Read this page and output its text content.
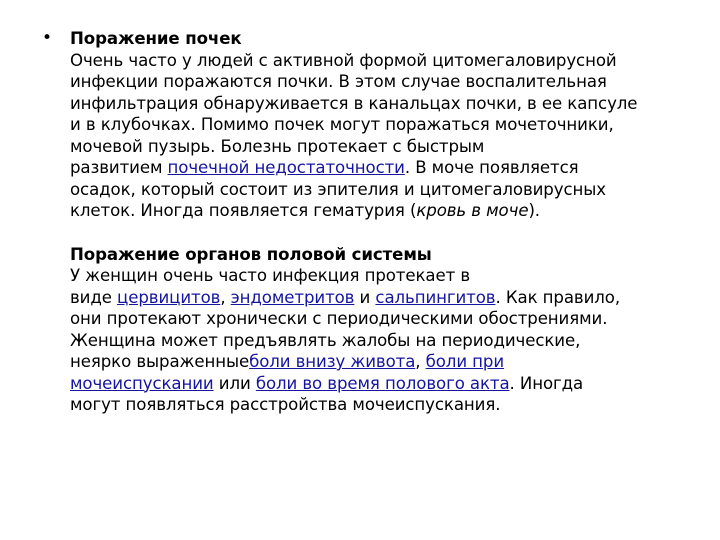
• Поражение почек
Очень часто у людей с активной формой цитомегаловирусной
инфекции поражаются почки. В этом случае воспалительная
инфильтрация обнаруживается в канальцах почки, в ее капсуле
и в клубочках. Помимо почек могут поражаться мочеточники,
мочевой пузырь. Болезнь протекает с быстрым
развитием почечной недостаточности. В моче появляется
осадок, который состоит из эпителия и цитомегаловирусных
клеток. Иногда появляется гематурия (кровь в моче).
Поражение органов половой системы
У женщин очень часто инфекция протекает в
виде цервицитов, эндометритов и сальпингитов. Как правило,
они протекают хронически с периодическими обострениями.
Женщина может предъявлять жалобы на периодические,
неярко выраженныеболи внизу живота, боли при
мочеиспускании или боли во время полового акта. Иногда
могут появляться расстройства мочеиспускания.
